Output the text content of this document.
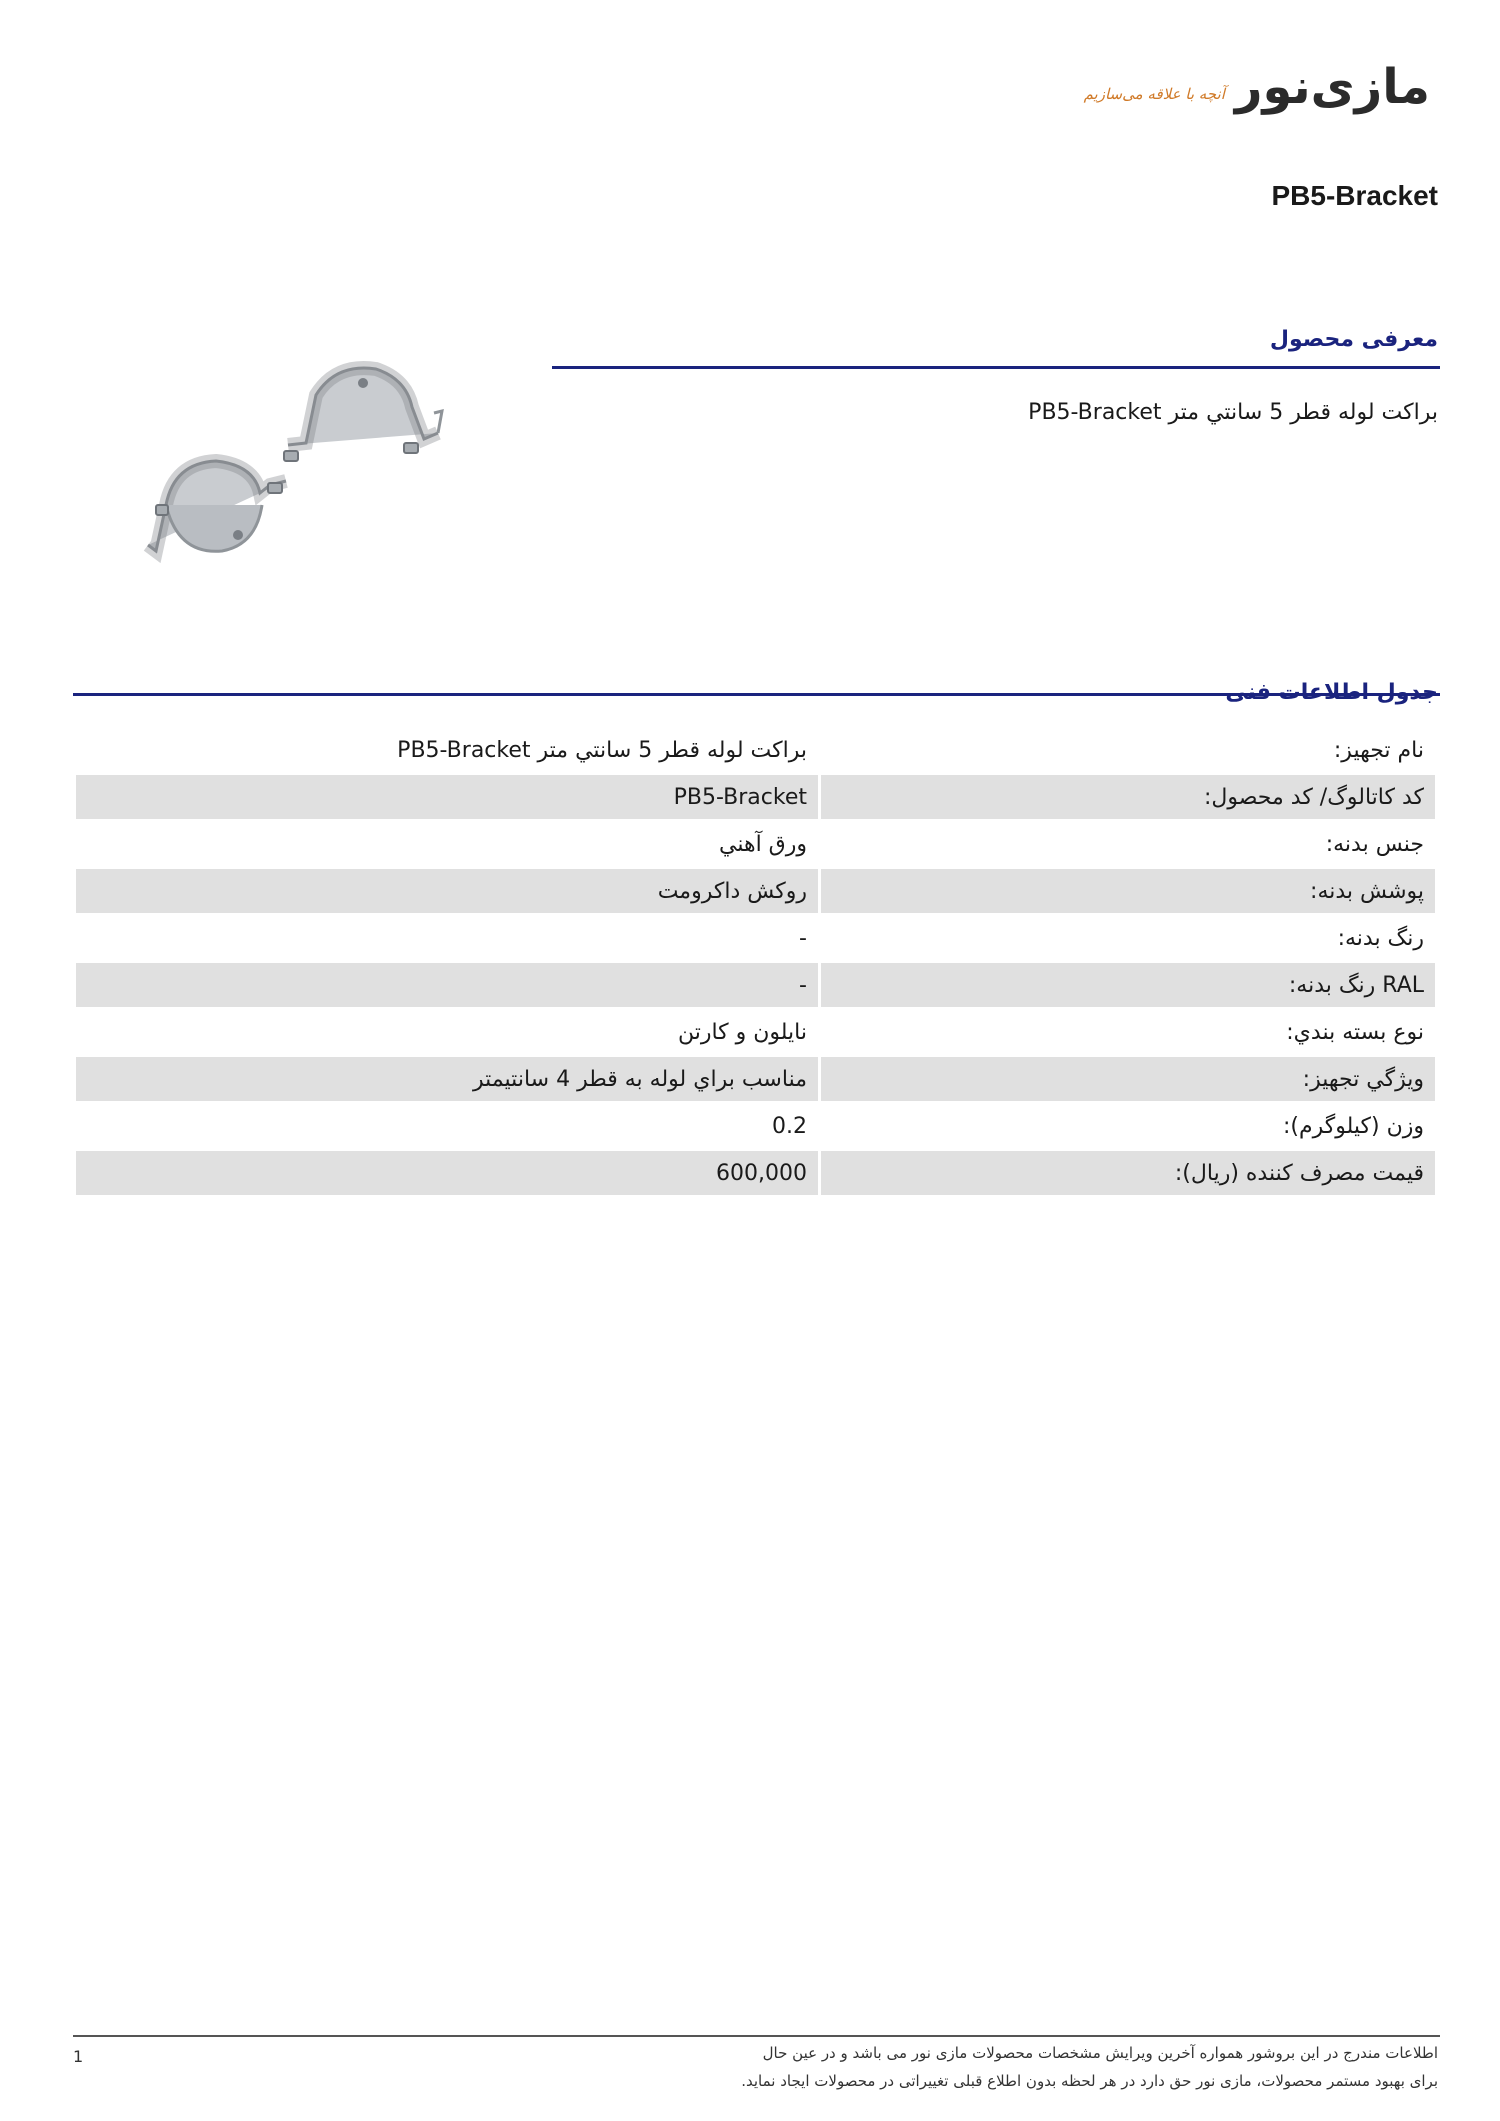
آنچه با علاقه می‌سازیم مازی‌نور
PB5-Bracket
معرفی محصول
براكت لوله قطر 5 سانتي متر PB5-Bracket
نام تجهيز:	براكت لوله قطر 5 سانتي متر PB5-Bracket
کد کاتالوگ/ کد محصول:	PB5-Bracket
جنس بدنه:	ورق آهني
پوشش بدنه:	روكش داكرومت
رنگ بدنه:	-
RAL رنگ بدنه:	-
نوع بسته بندي:	نايلون و كارتن
ويژگي تجهيز:	مناسب براي لوله به قطر 4 سانتيمتر
وزن (کیلوگرم):	0.2
قیمت مصرف کننده (ریال):	600,000
اطلاعات مندرج در این بروشور همواره آخرین ویرایش مشخصات محصولات مازی نور می باشد و در عین حال
برای بهبود مستمر محصولات، مازی نور حق دارد در هر لحظه بدون اطلاع قبلی تغییراتی در محصولات ایجاد نماید.
1
